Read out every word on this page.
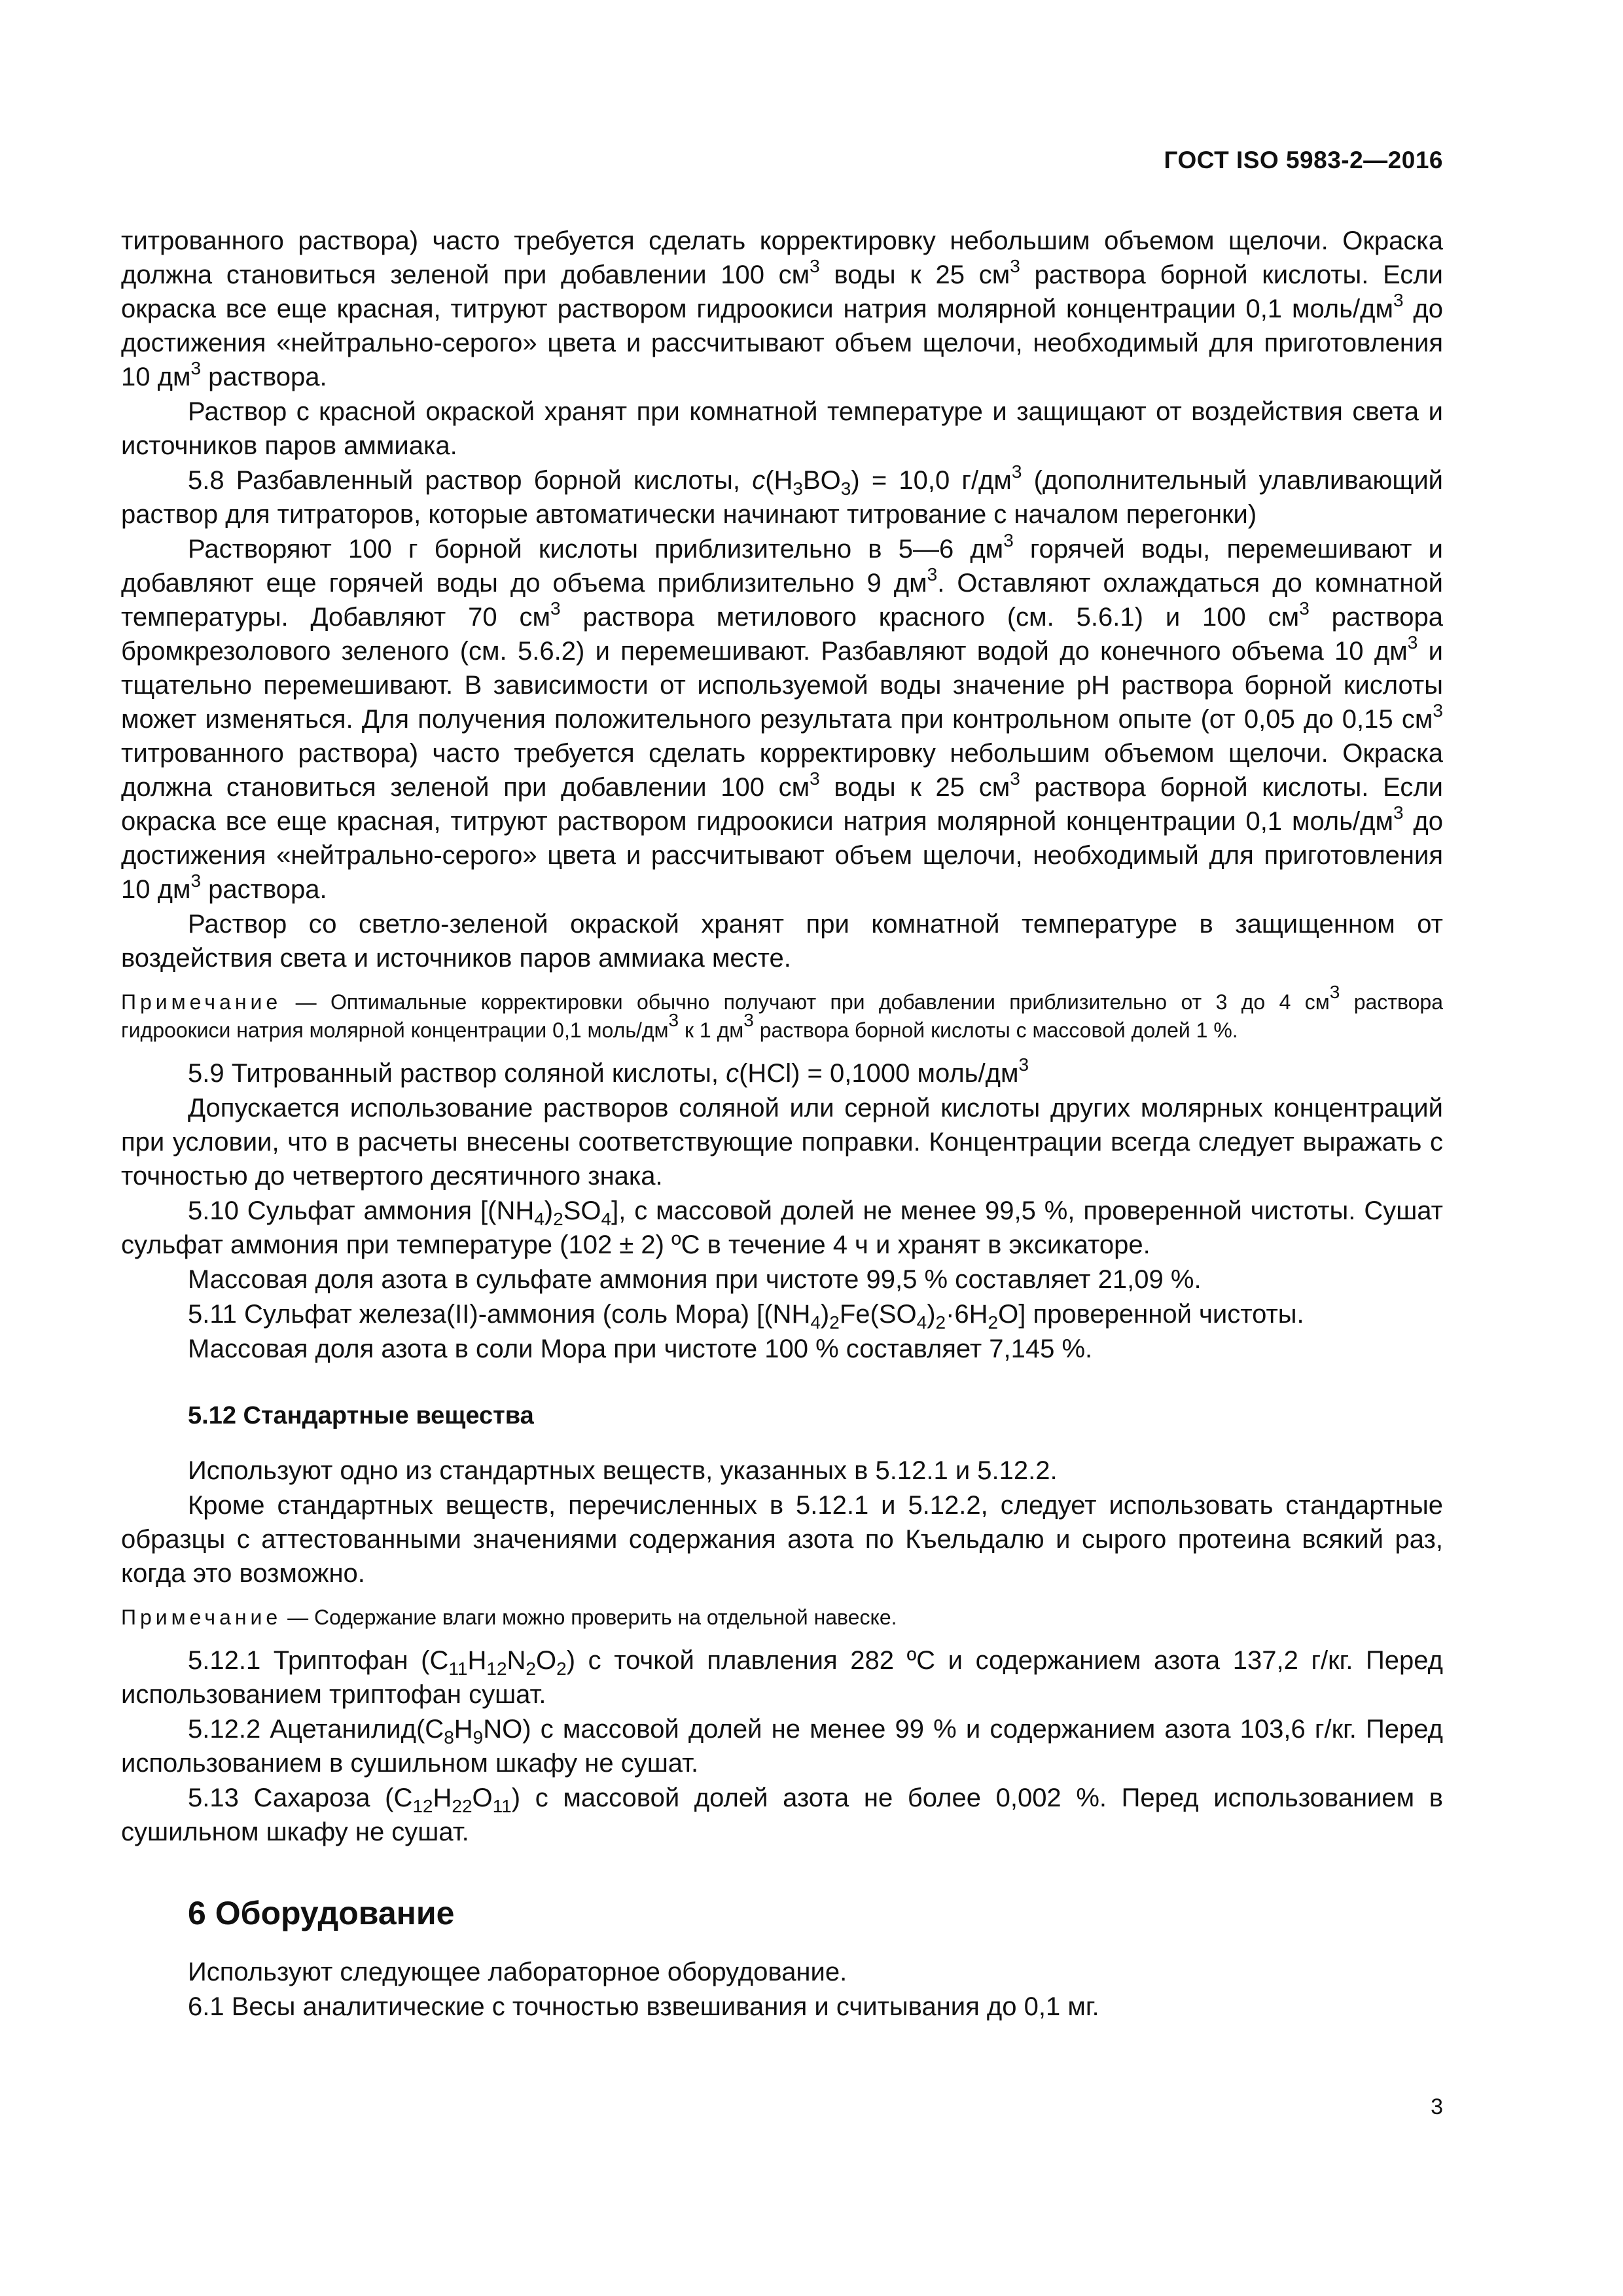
ГОСТ ISO 5983-2—2016
титрованного раствора) часто требуется сделать корректировку небольшим объемом щелочи. Окраска должна становиться зеленой при добавлении 100 $см^3$ воды к 25 $см^3$ раствора борной кислоты. Если окраска все еще красная, титруют раствором гидроокиси натрия молярной концентрации 0,1 моль/$дм^3$ до достижения «нейтрально-серого» цвета и рассчитывают объем щелочи, необходимый для приготовления 10 $дм^3$ раствора.
Раствор с красной окраской хранят при комнатной температуре и защищают от воздействия света и источников паров аммиака.
5.8 Разбавленный раствор борной кислоты, $c(H_3BO_3) = 10,0$ $г/дм^3$ (дополнительный улавливающий раствор для титраторов, которые автоматически начинают титрование с началом перегонки)
Растворяют 100 г борной кислоты приблизительно в 5—6 $дм^3$ горячей воды, перемешивают и добавляют еще горячей воды до объема приблизительно 9 $дм^3$. Оставляют охлаждаться до комнатной температуры. Добавляют 70 $см^3$ раствора метилового красного (см. 5.6.1) и 100 $см^3$ раствора бромкрезолового зеленого (см. 5.6.2) и перемешивают. Разбавляют водой до конечного объема 10 $дм^3$ и тщательно перемешивают. В зависимости от используемой воды значение pH раствора борной кислоты может изменяться. Для получения положительного результата при контрольном опыте (от 0,05 до 0,15 $см^3$ титрованного раствора) часто требуется сделать корректировку небольшим объемом щелочи. Окраска должна становиться зеленой при добавлении 100 $см^3$ воды к 25 $см^3$ раствора борной кислоты. Если окраска все еще красная, титруют раствором гидроокиси натрия молярной концентрации 0,1 моль/$дм^3$ до достижения «нейтрально-серого» цвета и рассчитывают объем щелочи, необходимый для приготовления 10 $дм^3$ раствора.
Раствор со светло-зеленой окраской хранят при комнатной температуре в защищенном от воздействия света и источников паров аммиака месте.
Примечание — Оптимальные корректировки обычно получают при добавлении приблизительно от 3 до 4 $см^3$ раствора гидроокиси натрия молярной концентрации 0,1 моль/$дм^3$ к 1 $дм^3$ раствора борной кислоты с массовой долей 1 %.
5.9 Титрованный раствор соляной кислоты, c(HCl) = 0,1000 моль/$дм^3$
Допускается использование растворов соляной или серной кислоты других молярных концентраций при условии, что в расчеты внесены соответствующие поправки. Концентрации всегда следует выражать с точностью до четвертого десятичного знака.
5.10 Сульфат аммония $[(NH_4)_2SO_4]$, с массовой долей не менее 99,5 %, проверенной чистоты. Сушат сульфат аммония при температуре (102 ± 2) ºС в течение 4 ч и хранят в эксикаторе.
Массовая доля азота в сульфате аммония при чистоте 99,5 % составляет 21,09 %.
5.11 Сульфат железа(II)-аммония (соль Мора) $[(NH_4)_2Fe(SO_4)_2\cdot 6H_2O]$ проверенной чистоты.
Массовая доля азота в соли Мора при чистоте 100 % составляет 7,145 %.
5.12 Стандартные вещества
Используют одно из стандартных веществ, указанных в 5.12.1 и 5.12.2.
Кроме стандартных веществ, перечисленных в 5.12.1 и 5.12.2, следует использовать стандартные образцы с аттестованными значениями содержания азота по Къельдалю и сырого протеина всякий раз, когда это возможно.
Примечание — Содержание влаги можно проверить на отдельной навеске.
5.12.1 Триптофан $(C_{11}H_{12}N_2O_2)$ с точкой плавления 282 ºС и содержанием азота 137,2 г/кг. Перед использованием триптофан сушат.
5.12.2 $Ацетанилид(C_8H_9NO)$ с массовой долей не менее 99 % и содержанием азота 103,6 г/кг. Перед использованием в сушильном шкафу не сушат.
5.13 Сахароза $(C_{12}H_{22}O_{11})$ с массовой долей азота не более 0,002 %. Перед использованием в сушильном шкафу не сушат.
6 Оборудование
Используют следующее лабораторное оборудование.
6.1 Весы аналитические с точностью взвешивания и считывания до 0,1 мг.
3
